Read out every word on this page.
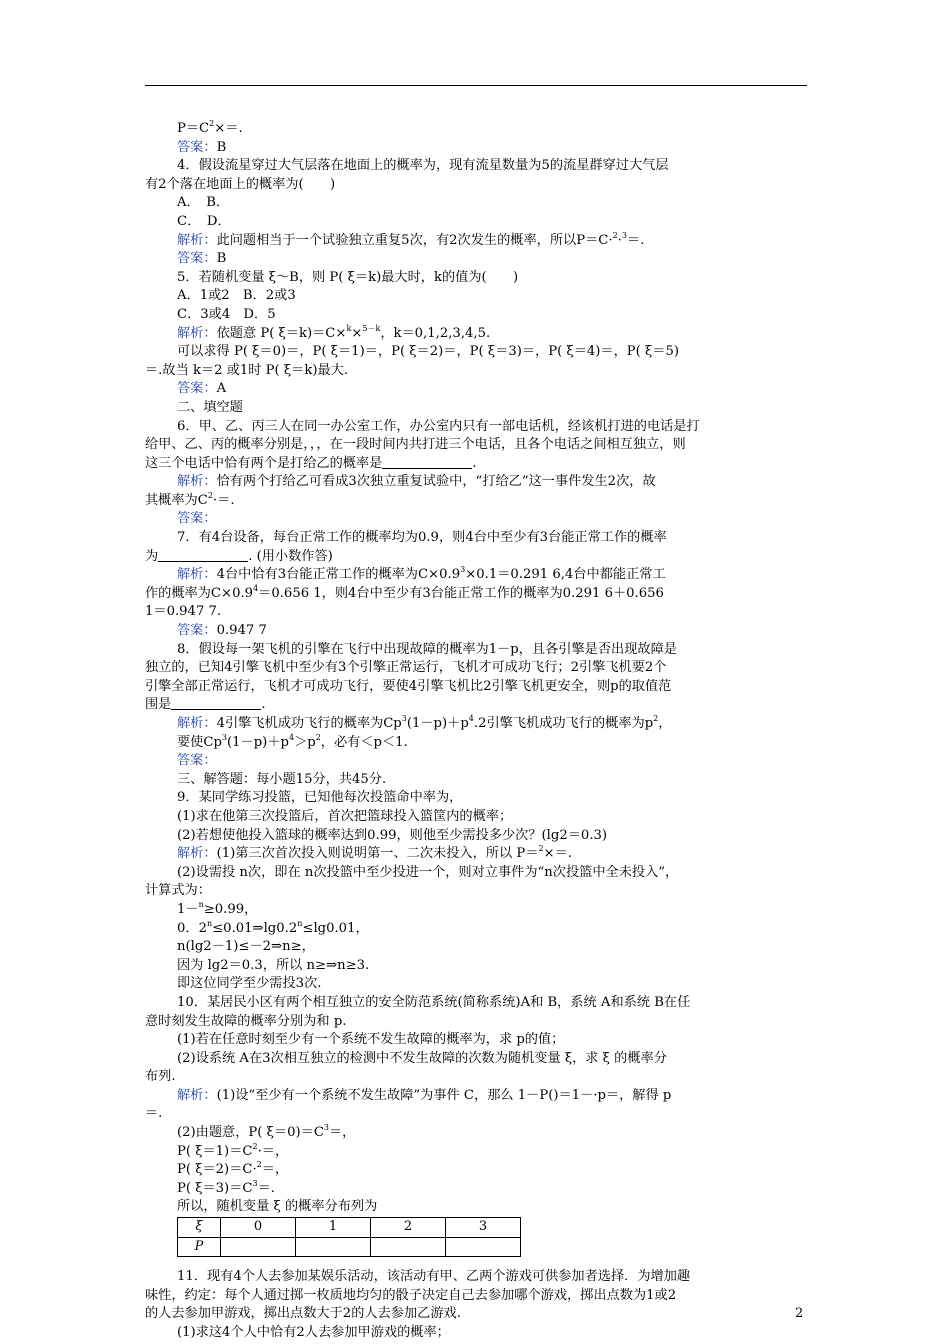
$P=C^2\times=$.
答案：B
4．假设流星穿过大气层落在地面上的概率为，现有流星数量为5的流星群穿过大气层
有2个落在地面上的概率为(　　)
A．　B．
C．　D．
解析：此问题相当于一个试验独立重复5次，有2次发生的概率，所以P＝C·$^2$·$^3$＝.
答案：B
5．若随机变量 ξ～B，则 P( ξ＝k)最大时，k的值为(　　)
A．1或2　B．2或3
C．3或4　D．5
解析：依题意 P( ξ＝k)＝C×$^k$×$^{5-k}$，k＝0,1,2,3,4,5.
可以求得 P( ξ＝0)＝，P( ξ＝1)＝，P( ξ＝2)＝，P( ξ＝3)＝，P( ξ＝4)＝，P( ξ＝5)
＝.故当 k＝2 或1时 P( ξ＝k)最大.
答案：A
二、填空题
6．甲、乙、丙三人在同一办公室工作，办公室内只有一部电话机，经该机打进的电话是打
给甲、乙、丙的概率分别是，，，在一段时间内共打进三个电话，且各个电话之间相互独立，则
这三个电话中恰有两个是打给乙的概率是	.
解析：恰有两个打给乙可看成3次独立重复试验中，“打给乙”这一事件发生2次，故
其概率为$C^2\cdot=$.
答案：
7．有4台设备，每台正常工作的概率均为0.9，则4台中至少有3台能正常工作的概率
为	. (用小数作答)
解析：4台中恰有3台能正常工作的概率为$C\times 0.9^3\times 0.1=0.291$ 6,4台中都能正常工
作的概率为$C\times 0.9^4=0.656$ 1，则4台中至少有3台能正常工作的概率为0.291 6＋0.656
1＝0.947 7.
答案：0.947 7
8．假设每一架飞机的引擎在飞行中出现故障的概率为1－p，且各引擎是否出现故障是
独立的，已知4引擎飞机中至少有3个引擎正常运行，飞机才可成功飞行；2引擎飞机要2个
引擎全部正常运行，飞机才可成功飞行，要使4引擎飞机比2引擎飞机更安全，则p的取值范
围是	.
解析：4引擎飞机成功飞行的概率为$Cp^3(1-p)+p^4.2$引擎飞机成功飞行的概率为$p^2$，
要使$Cp^3(1-p)+p^4>p^2$，必有＜p＜1.
答案：
三、解答题：每小题15分，共45分.
9．某同学练习投篮，已知他每次投篮命中率为，
(1)求在他第三次投篮后，首次把篮球投入篮筐内的概率；
(2)若想使他投入篮球的概率达到0.99，则他至少需投多少次？(lg2＝0.3)
解析：(1)第三次首次投入则说明第一、二次未投入，所以 P＝$^2$×＝.
(2)设需投 n次，即在 n次投篮中至少投进一个，则对立事件为“n次投篮中全未投入”，
计算式为：
1－$^n$≥0.99，
0．$2^n\le 0.01\Rightarrow\lg 0.2^n\le\lg 0.01$，
n(lg2－1)≤－2⇒n≥，
因为 lg2＝0.3，所以 n≥⇒n≥3.
即这位同学至少需投3次.
10．某居民小区有两个相互独立的安全防范系统(简称系统)A和 B，系统 A和系统 B在任
意时刻发生故障的概率分别为和 p.
(1)若在任意时刻至少有一个系统不发生故障的概率为，求 p的值；
(2)设系统 A在3次相互独立的检测中不发生故障的次数为随机变量 ξ，求 ξ 的概率分
布列.
解析：(1)设“至少有一个系统不发生故障”为事件 C，那么 1－P()＝1－·p＝，解得 p
＝.
(2)由题意，P( $\xi=0)=C^3=$，
P( $\xi=1)=C^2\cdot=$，
P( ξ＝2)＝C·$^2$＝，
P( $\xi=3)=C^3=$.
所以，随机变量 ξ 的概率分布列为
ξ	0	1	2	3
P				
11．现有4个人去参加某娱乐活动，该活动有甲、乙两个游戏可供参加者选择．为增加趣
味性，约定：每个人通过掷一枚质地均匀的骰子决定自己去参加哪个游戏，掷出点数为1或2
的人去参加甲游戏，掷出点数大于2的人去参加乙游戏.
(1)求这4个人中恰有2人去参加甲游戏的概率；
2
